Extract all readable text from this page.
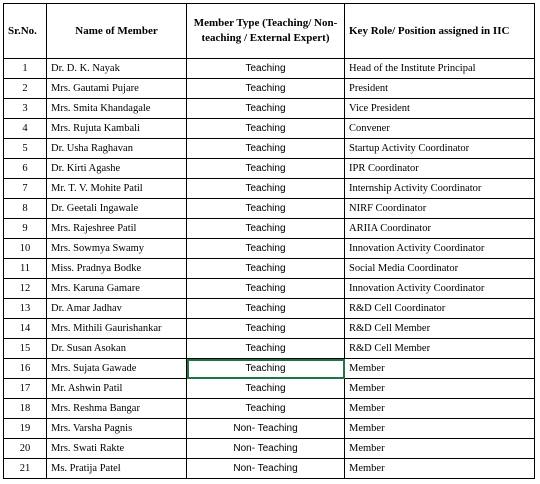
Sr.No.	Name of Member	Member Type (Teaching/ Non-teaching / External Expert)	Key Role/ Position assigned in IIC
1	Dr. D. K. Nayak	Teaching	Head of the Institute Principal
2	Mrs. Gautami Pujare	Teaching	President
3	Mrs. Smita Khandagale	Teaching	Vice President
4	Mrs. Rujuta Kambali	Teaching	Convener
5	Dr. Usha Raghavan	Teaching	Startup Activity Coordinator
6	Dr. Kirti Agashe	Teaching	IPR Coordinator
7	Mr. T. V. Mohite Patil	Teaching	Internship Activity Coordinator
8	Dr. Geetali Ingawale	Teaching	NIRF Coordinator
9	Mrs. Rajeshree Patil	Teaching	ARIIA Coordinator
10	Mrs. Sowmya Swamy	Teaching	Innovation Activity Coordinator
11	Miss. Pradnya Bodke	Teaching	Social Media Coordinator
12	Mrs. Karuna Gamare	Teaching	Innovation Activity Coordinator
13	Dr. Amar Jadhav	Teaching	R&D Cell Coordinator
14	Mrs. Mithili Gaurishankar	Teaching	R&D Cell Member
15	Dr. Susan Asokan	Teaching	R&D Cell Member
16	Mrs. Sujata Gawade	Teaching	Member
17	Mr. Ashwin Patil	Teaching	Member
18	Mrs. Reshma Bangar	Teaching	Member
19	Mrs. Varsha Pagnis	Non- Teaching	Member
20	Mrs. Swati Rakte	Non- Teaching	Member
21	Ms. Pratija Patel	Non- Teaching	Member
